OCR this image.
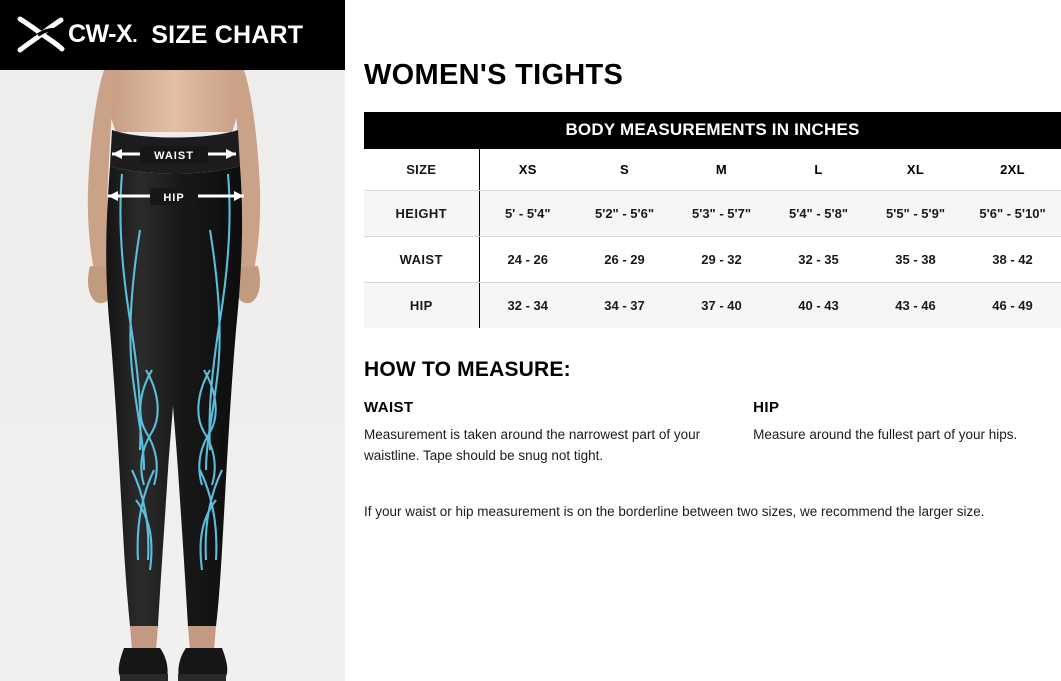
CW-X. SIZE CHART
WAIST
HIP
WOMEN'S TIGHTS
BODY MEASUREMENTS IN INCHES						
SIZE	XS	S	M	L	XL	2XL
HEIGHT	5' - 5'4"	5'2" - 5'6"	5'3" - 5'7"	5'4" - 5'8"	5'5" - 5'9"	5'6" - 5'10"
WAIST	24 - 26	26 - 29	29 - 32	32 - 35	35 - 38	38 - 42
HIP	32 - 34	34 - 37	37 - 40	40 - 43	43 - 46	46 - 49
HOW TO MEASURE:
WAIST
Measurement is taken around the narrowest part of your waistline. Tape should be snug not tight.
HIP
Measure around the fullest part of your hips.
If your waist or hip measurement is on the borderline between two sizes, we recommend the larger size.
